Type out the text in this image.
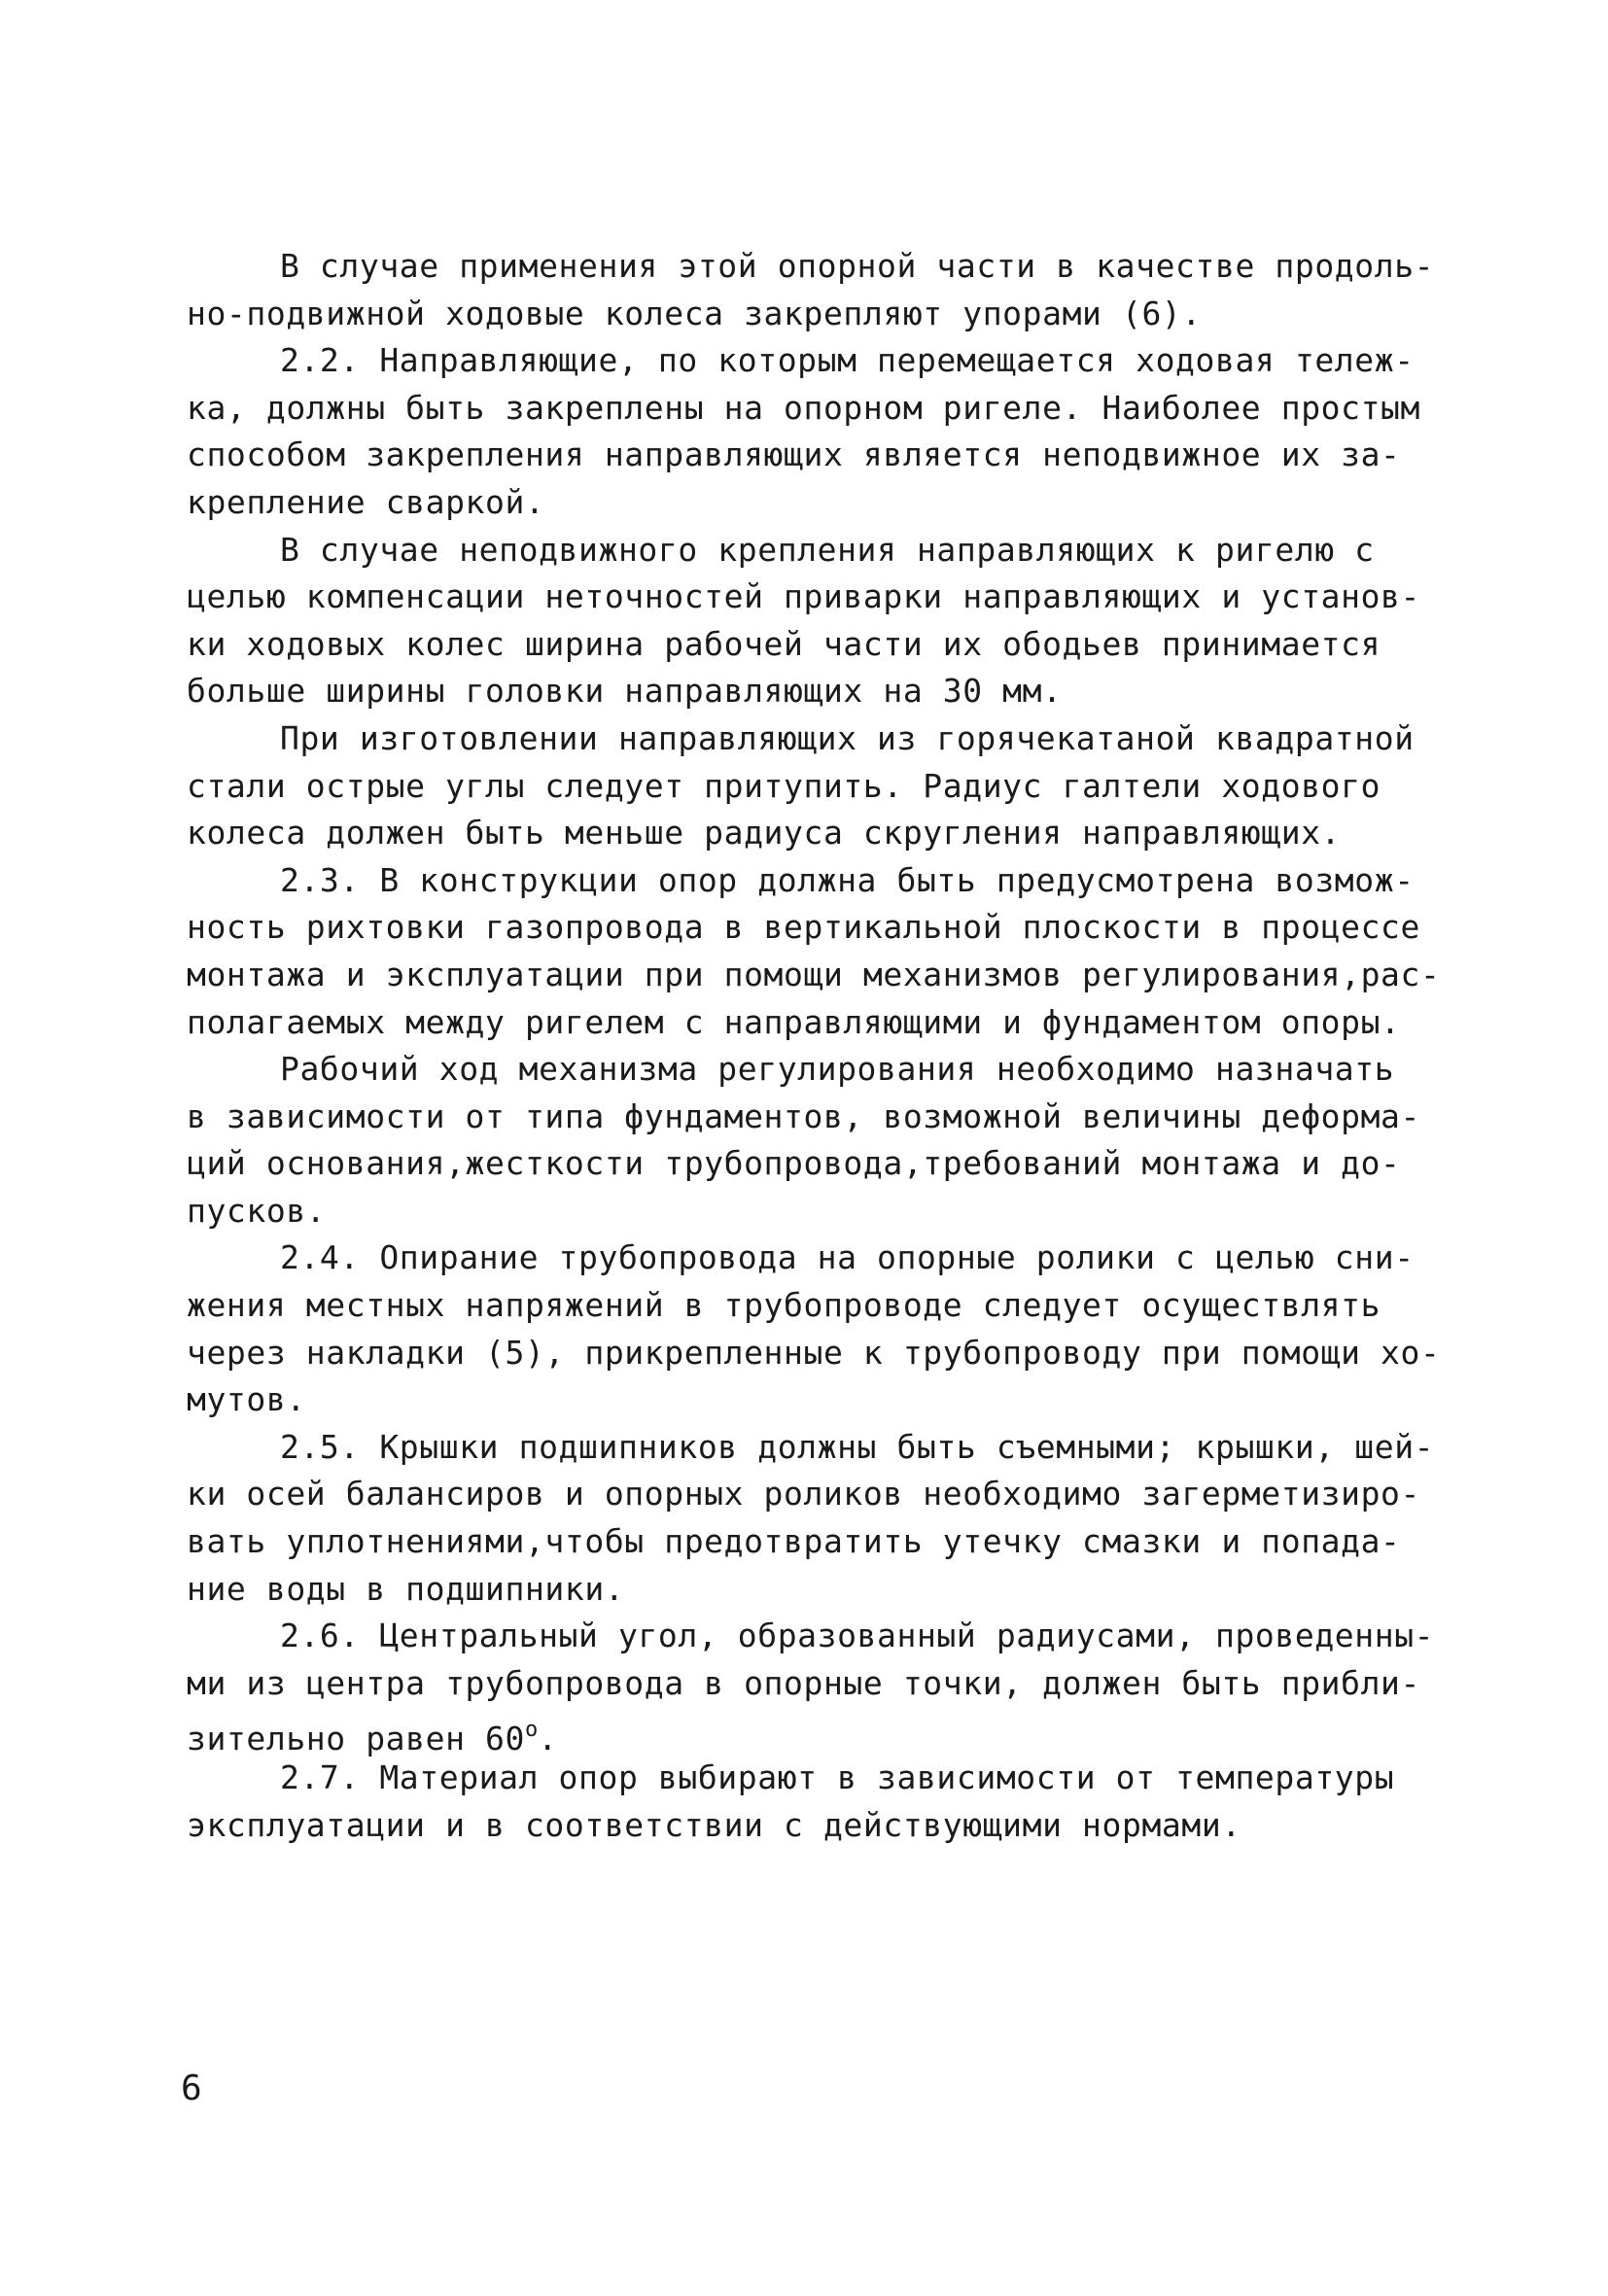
В случае применения этой опорной части в качестве продоль-
но-подвижной ходовые колеса закрепляют упорами (6).
2.2. Направляющие, по которым перемещается ходовая тележ-
ка, должны быть закреплены на опорном ригеле. Наиболее простым
способом закрепления направляющих является неподвижное их за-
крепление сваркой.
В случае неподвижного крепления направляющих к ригелю с
целью компенсации неточностей приварки направляющих и установ-
ки ходовых колес ширина рабочей части их ободьев принимается
больше ширины головки направляющих на 30 мм.
При изготовлении направляющих из горячекатаной квадратной
стали острые углы следует притупить. Радиус галтели ходового
колеса должен быть меньше радиуса скругления направляющих.
2.3. В конструкции опор должна быть предусмотрена возмож-
ность рихтовки газопровода в вертикальной плоскости в процессе
монтажа и эксплуатации при помощи механизмов регулирования,рас-
полагаемых между ригелем с направляющими и фундаментом опоры.
Рабочий ход механизма регулирования необходимо назначать
в зависимости от типа фундаментов, возможной величины деформа-
ций основания,жесткости трубопровода,требований монтажа и до-
пусков.
2.4. Опирание трубопровода на опорные ролики с целью сни-
жения местных напряжений в трубопроводе следует осуществлять
через накладки (5), прикрепленные к трубопроводу при помощи хо-
мутов.
2.5. Крышки подшипников должны быть съемными; крышки, шей-
ки осей балансиров и опорных роликов необходимо загерметизиро-
вать уплотнениями,чтобы предотвратить утечку смазки и попада-
ние воды в подшипники.
2.6. Центральный угол, образованный радиусами, проведенны-
ми из центра трубопровода в опорные точки, должен быть прибли-
зительно равен $60^о$.
2.7. Материал опор выбирают в зависимости от температуры
эксплуатации и в соответствии с действующими нормами.
6
